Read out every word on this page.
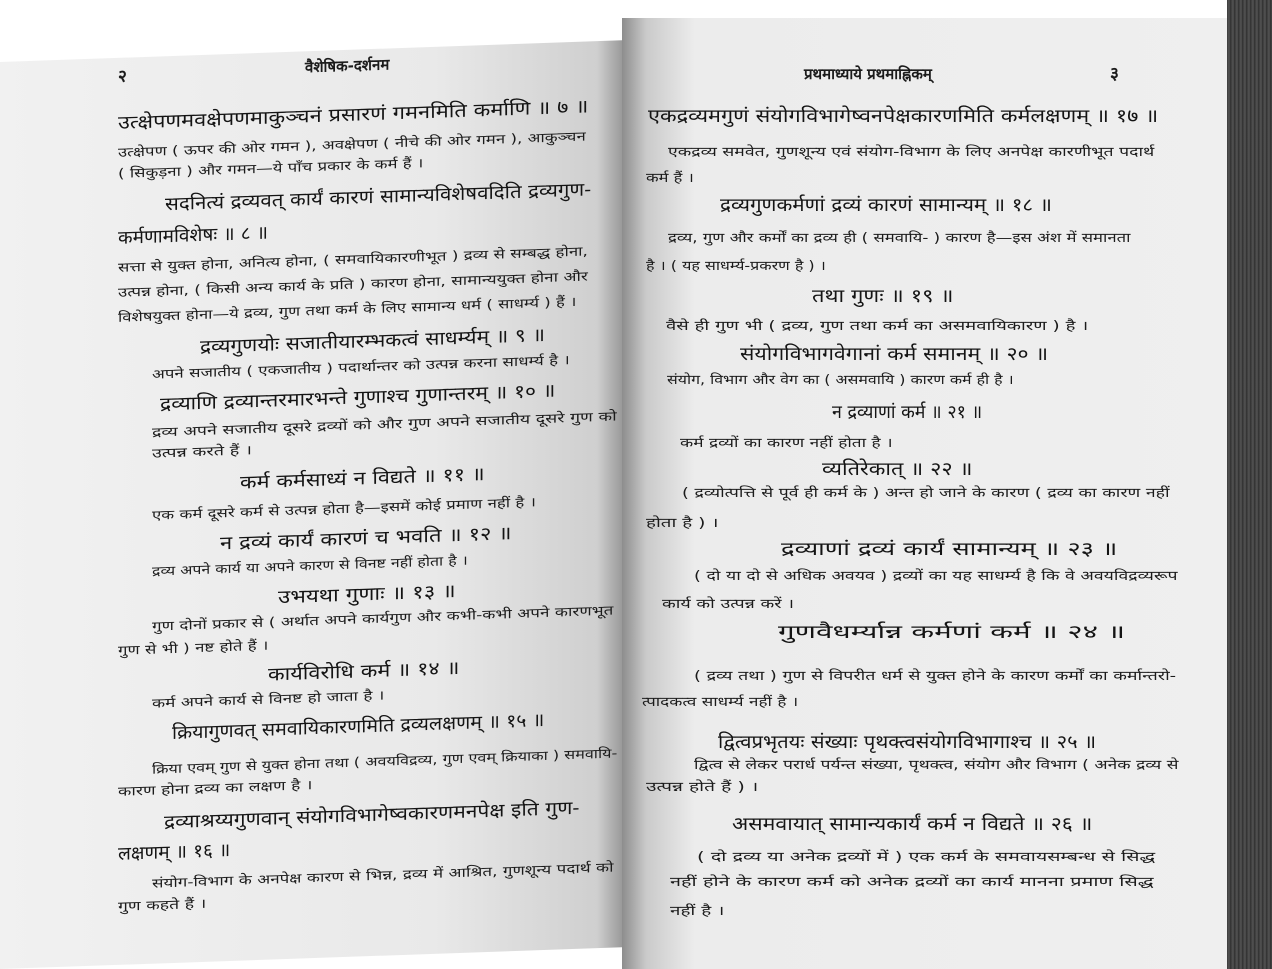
२
वैशेषिक-दर्शनम
उत्क्षेपणमवक्षेपणमाकुञ्चनं प्रसारणं गमनमिति कर्माणि ॥ ७ ॥
उत्क्षेपण ( ऊपर की ओर गमन ), अवक्षेपण ( नीचे की ओर गमन ), आकुञ्चन
( सिकुड़ना ) और गमन—ये पाँच प्रकार के कर्म हैं ।
सदनित्यं द्रव्यवत् कार्यं कारणं सामान्यविशेषवदिति द्रव्यगुण-
कर्मणामविशेषः ॥ ८ ॥
सत्ता से युक्त होना, अनित्य होना, ( समवायिकारणीभूत ) द्रव्य से सम्बद्ध होना,
उत्पन्न होना, ( किसी अन्य कार्य के प्रति ) कारण होना, सामान्ययुक्त होना और
विशेषयुक्त होना—ये द्रव्य, गुण तथा कर्म के लिए सामान्य धर्म ( साधर्म्य ) हैं ।
द्रव्यगुणयोः सजातीयारम्भकत्वं साधर्म्यम् ॥ ९ ॥
अपने सजातीय ( एकजातीय ) पदार्थान्तर को उत्पन्न करना साधर्म्य है ।
द्रव्याणि द्रव्यान्तरमारभन्ते गुणाश्च गुणान्तरम् ॥ १० ॥
द्रव्य अपने सजातीय दूसरे द्रव्यों को और गुण अपने सजातीय दूसरे गुण को
उत्पन्न करते हैं ।
कर्म कर्मसाध्यं न विद्यते ॥ ११ ॥
एक कर्म दूसरे कर्म से उत्पन्न होता है—इसमें कोई प्रमाण नहीं है ।
न द्रव्यं कार्यं कारणं च भवति ॥ १२ ॥
द्रव्य अपने कार्य या अपने कारण से विनष्ट नहीं होता है ।
उभयथा गुणाः ॥ १३ ॥
गुण दोनों प्रकार से ( अर्थात अपने कार्यगुण और कभी-कभी अपने कारणभूत
गुण से भी ) नष्ट होते हैं ।
कार्यविरोधि कर्म ॥ १४ ॥
कर्म अपने कार्य से विनष्ट हो जाता है ।
क्रियागुणवत् समवायिकारणमिति द्रव्यलक्षणम् ॥ १५ ॥
क्रिया एवम् गुण से युक्त होना तथा ( अवयविद्रव्य, गुण एवम् क्रियाका ) समवायि-
कारण होना द्रव्य का लक्षण है ।
द्रव्याश्रय्यगुणवान् संयोगविभागेष्वकारणमनपेक्ष इति गुण-
लक्षणम् ॥ १६ ॥
संयोग-विभाग के अनपेक्ष कारण से भिन्न, द्रव्य में आश्रित, गुणशून्य पदार्थ को
गुण कहते हैं ।
प्रथमाध्याये प्रथमाह्निकम्	३
एकद्रव्यमगुणं संयोगविभागेष्वनपेक्षकारणमिति कर्मलक्षणम् ॥ १७ ॥
एकद्रव्य समवेत, गुणशून्य एवं संयोग-विभाग के लिए अनपेक्ष कारणीभूत पदार्थ
कर्म हैं ।
द्रव्यगुणकर्मणां द्रव्यं कारणं सामान्यम् ॥ १८ ॥
द्रव्य, गुण और कर्मों का द्रव्य ही ( समवायि- ) कारण है—इस अंश में समानता
है । ( यह साधर्म्य-प्रकरण है ) ।
तथा गुणः ॥ १९ ॥
वैसे ही गुण भी ( द्रव्य, गुण तथा कर्म का असमवायिकारण ) है ।
संयोगविभागवेगानां कर्म समानम् ॥ २० ॥
संयोग, विभाग और वेग का ( असमवायि ) कारण कर्म ही है ।
न द्रव्याणां कर्म ॥ २१ ॥
कर्म द्रव्यों का कारण नहीं होता है ।
व्यतिरेकात् ॥ २२ ॥
( द्रव्योत्पत्ति से पूर्व ही कर्म के ) अन्त हो जाने के कारण ( द्रव्य का कारण नहीं
होता है ) ।
द्रव्याणां द्रव्यं कार्यं सामान्यम् ॥ २३ ॥
( दो या दो से अधिक अवयव ) द्रव्यों का यह साधर्म्य है कि वे अवयविद्रव्यरूप
कार्य को उत्पन्न करें ।
गुणवैधर्म्यान्न कर्मणां कर्म ॥ २४ ॥
( द्रव्य तथा ) गुण से विपरीत धर्म से युक्त होने के कारण कर्मों का कर्मान्तरो-
त्पादकत्व साधर्म्य नहीं है ।
द्वित्वप्रभृतयः संख्याः पृथक्त्वसंयोगविभागाश्च ॥ २५ ॥
द्वित्व से लेकर परार्ध पर्यन्त संख्या, पृथक्त्व, संयोग और विभाग ( अनेक द्रव्य से
उत्पन्न होते हैं ) ।
असमवायात् सामान्यकार्यं कर्म न विद्यते ॥ २६ ॥
( दो द्रव्य या अनेक द्रव्यों में ) एक कर्म के समवायसम्बन्ध से सिद्ध
नहीं होने के कारण कर्म को अनेक द्रव्यों का कार्य मानना प्रमाण सिद्ध
नहीं है ।
